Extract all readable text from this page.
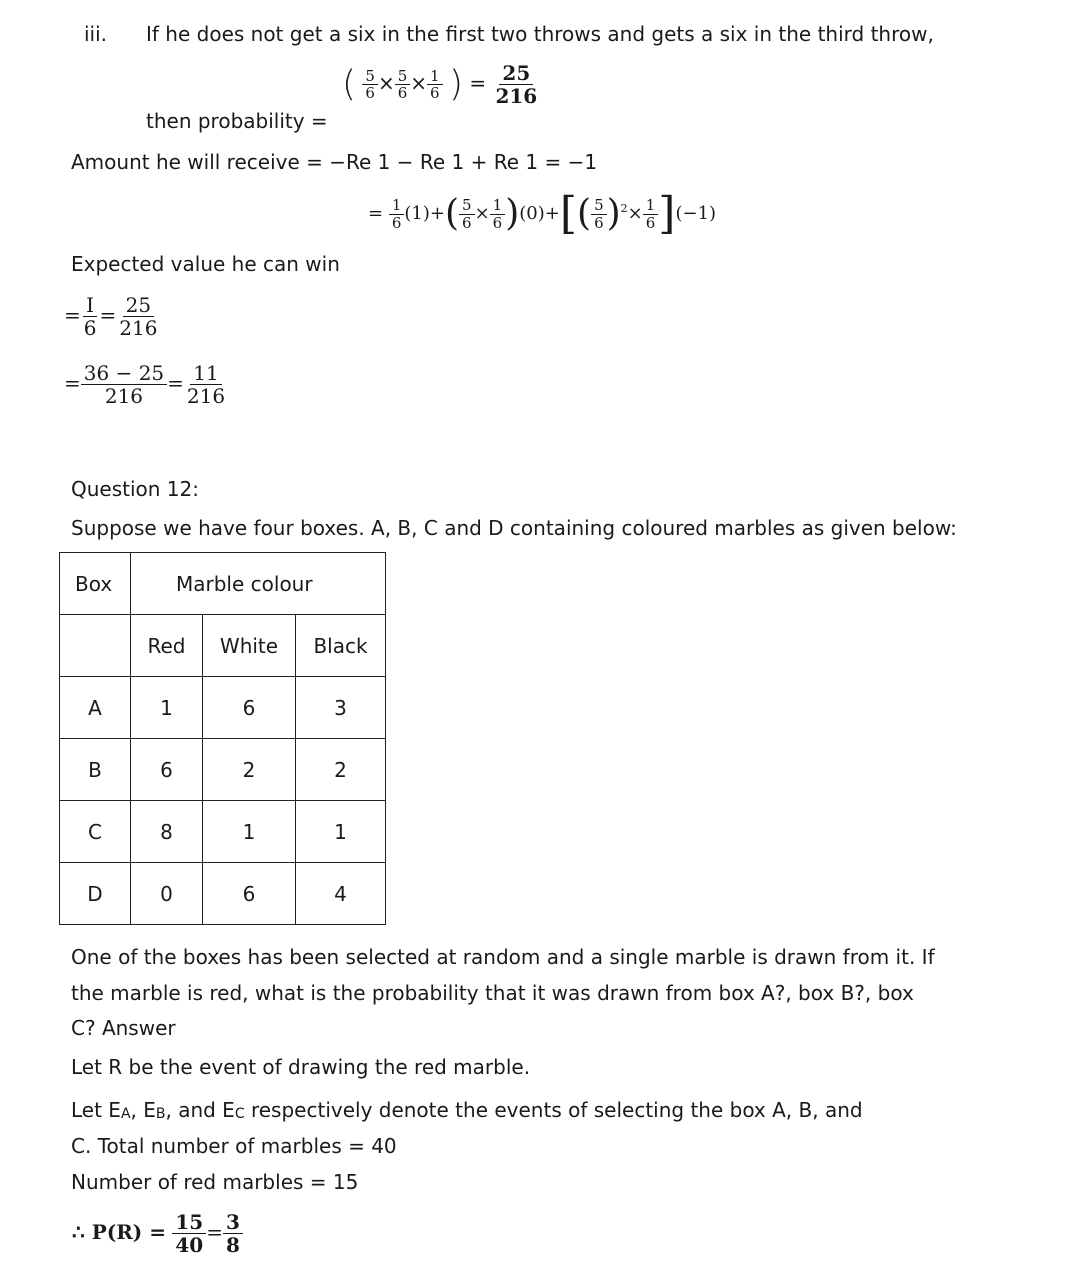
iii. If he does not get a six in the first two throws and gets a six in the third throw,
( $\frac{5}{6} \times \frac{5}{6} \times \frac{1}{6}$ ) = $\frac{25}{216}$
then probability =
Amount he will receive = −Re 1 − Re 1 + Re 1 = −1
= $\frac{1}{6} (1)+( \frac{5}{6} \times \frac{1}{6} )(0)+[( \frac{5}{6} )^2\times \frac{1}{6} ](-1)$
Expected value he can win
= $\frac{I}{6} = \frac{25}{216}$
= $\frac{36 - 25}{216} = \frac{11}{216}$
Question 12:
Suppose we have four boxes. A, B, C and D containing coloured marbles as given below:
Box	Marble colour		
	Red	White	Black
A	1	6	3
B	6	2	2
C	8	1	1
D	0	6	4
One of the boxes has been selected at random and a single marble is drawn from it. If
the marble is red, what is the probability that it was drawn from box A?, box B?, box
C? Answer
Let R be the event of drawing the red marble.
Let EA, EB, and EC respectively denote the events of selecting the box A, B, and
C. Total number of marbles = 40
Number of red marbles = 15
∴ $P(R) = \frac{15}{40} = \frac{3}{8}$
